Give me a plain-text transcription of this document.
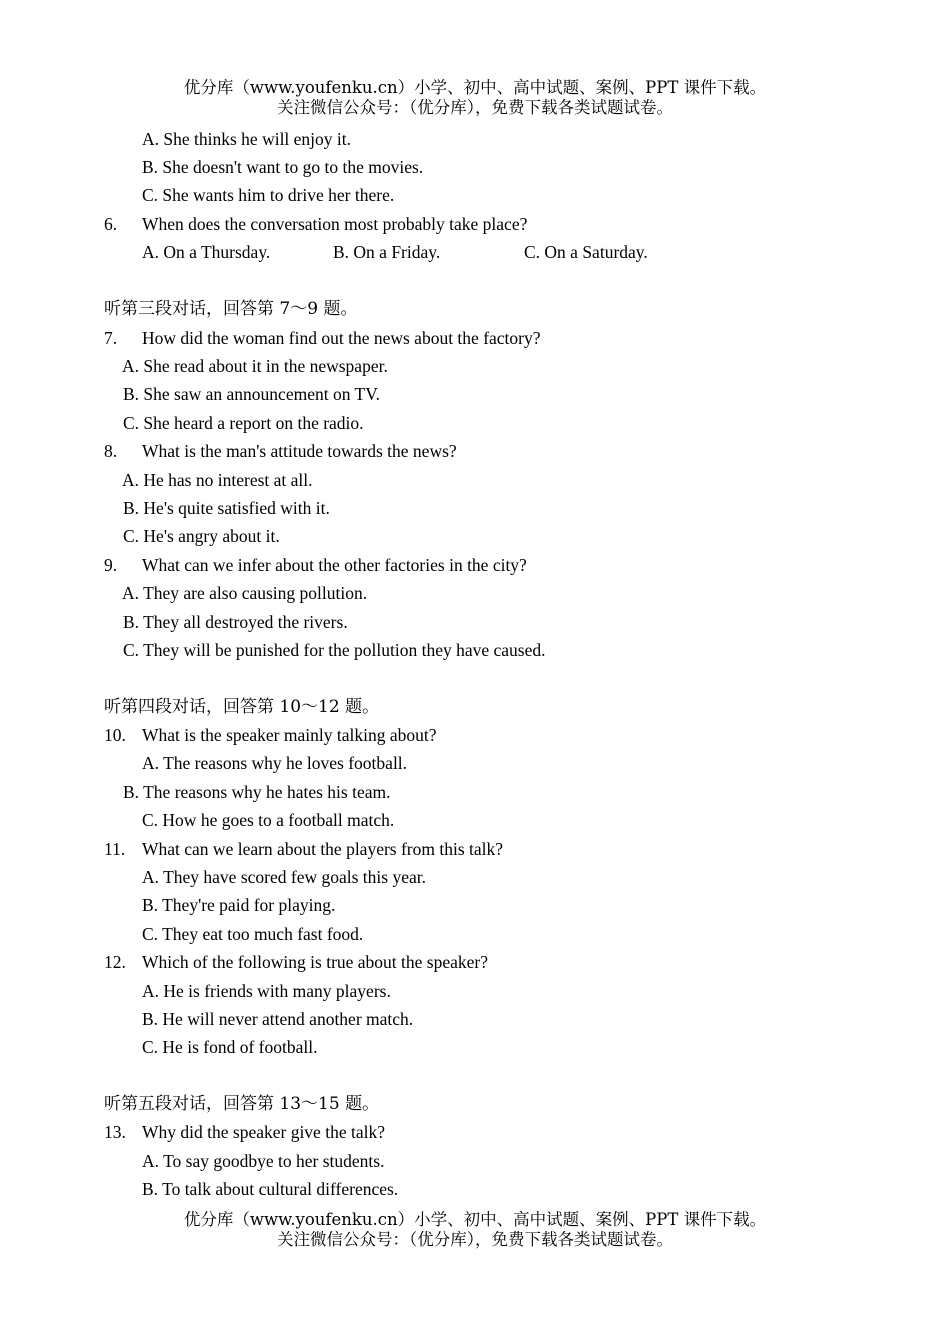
优分库（www.youfenku.cn）小学、初中、高中试题、案例、PPT 课件下载。
关注微信公众号：（优分库），免费下载各类试题试卷。
A. She thinks he will enjoy it.
B. She doesn't want to go to the movies.
C. She wants him to drive her there.
6. When does the conversation most probably take place?
A. On a Thursday.	B. On a Friday.	C. On a Saturday.
听第三段对话，回答第 7～9 题。
7. How did the woman find out the news about the factory?
A. She read about it in the newspaper.
B. She saw an announcement on TV.
C. She heard a report on the radio.
8. What is the man's attitude towards the news?
A. He has no interest at all.
B. He's quite satisfied with it.
C. He's angry about it.
9. What can we infer about the other factories in the city?
A. They are also causing pollution.
B. They all destroyed the rivers.
C. They will be punished for the pollution they have caused.
听第四段对话，回答第 10～12 题。
10. What is the speaker mainly talking about?
A. The reasons why he loves football.
B. The reasons why he hates his team.
C. How he goes to a football match.
11. What can we learn about the players from this talk?
A. They have scored few goals this year.
B. They're paid for playing.
C. They eat too much fast food.
12. Which of the following is true about the speaker?
A. He is friends with many players.
B. He will never attend another match.
C. He is fond of football.
听第五段对话，回答第 13～15 题。
13. Why did the speaker give the talk?
A. To say goodbye to her students.
B. To talk about cultural differences.
优分库（www.youfenku.cn）小学、初中、高中试题、案例、PPT 课件下载。
关注微信公众号：（优分库），免费下载各类试题试卷。
